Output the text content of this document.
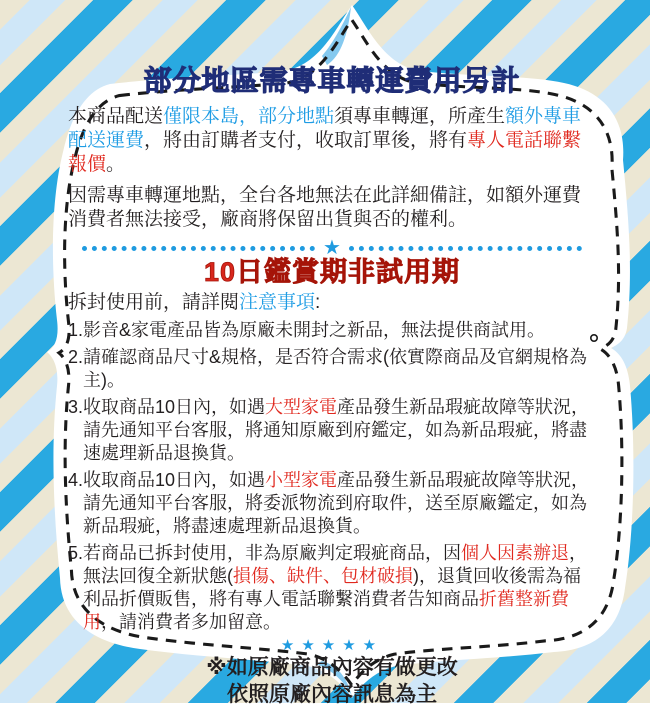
部分地區需專車轉運費用另計

本商品配送僅限本島，部分地點須專車轉運，所產生額外專車配送運費，將由訂購者支付，收取訂單後，將有專人電話聯繫報價。

因需專車轉運地點，全台各地無法在此詳細備註，如額外運費消費者無法接受，廠商將保留出貨與否的權利。

★
10日鑑賞期非試用期

拆封使用前，請詳閱注意事項:

1.影音&家電產品皆為原廠未開封之新品，無法提供商試用。
2.請確認商品尺寸&規格，是否符合需求(依實際商品及官網規格為主)。
3.收取商品10日內，如遇大型家電產品發生新品瑕疵故障等狀況，請先通知平台客服，將通知原廠到府鑑定，如為新品瑕疵，將盡速處理新品退換貨。
4.收取商品10日內，如遇小型家電產品發生新品瑕疵故障等狀況，請先通知平台客服，將委派物流到府取件，送至原廠鑑定，如為新品瑕疵，將盡速處理新品退換貨。
5.若商品已拆封使用，非為原廠判定瑕疵商品，因個人因素辦退，無法回復全新狀態(損傷、缺件、包材破損)，退貨回收後需為福利品折價販售，將有專人電話聯繫消費者告知商品折舊整新費用，請消費者多加留意。
★★★★★
※如原廠商品內容有做更改
依照原廠內容訊息為主
